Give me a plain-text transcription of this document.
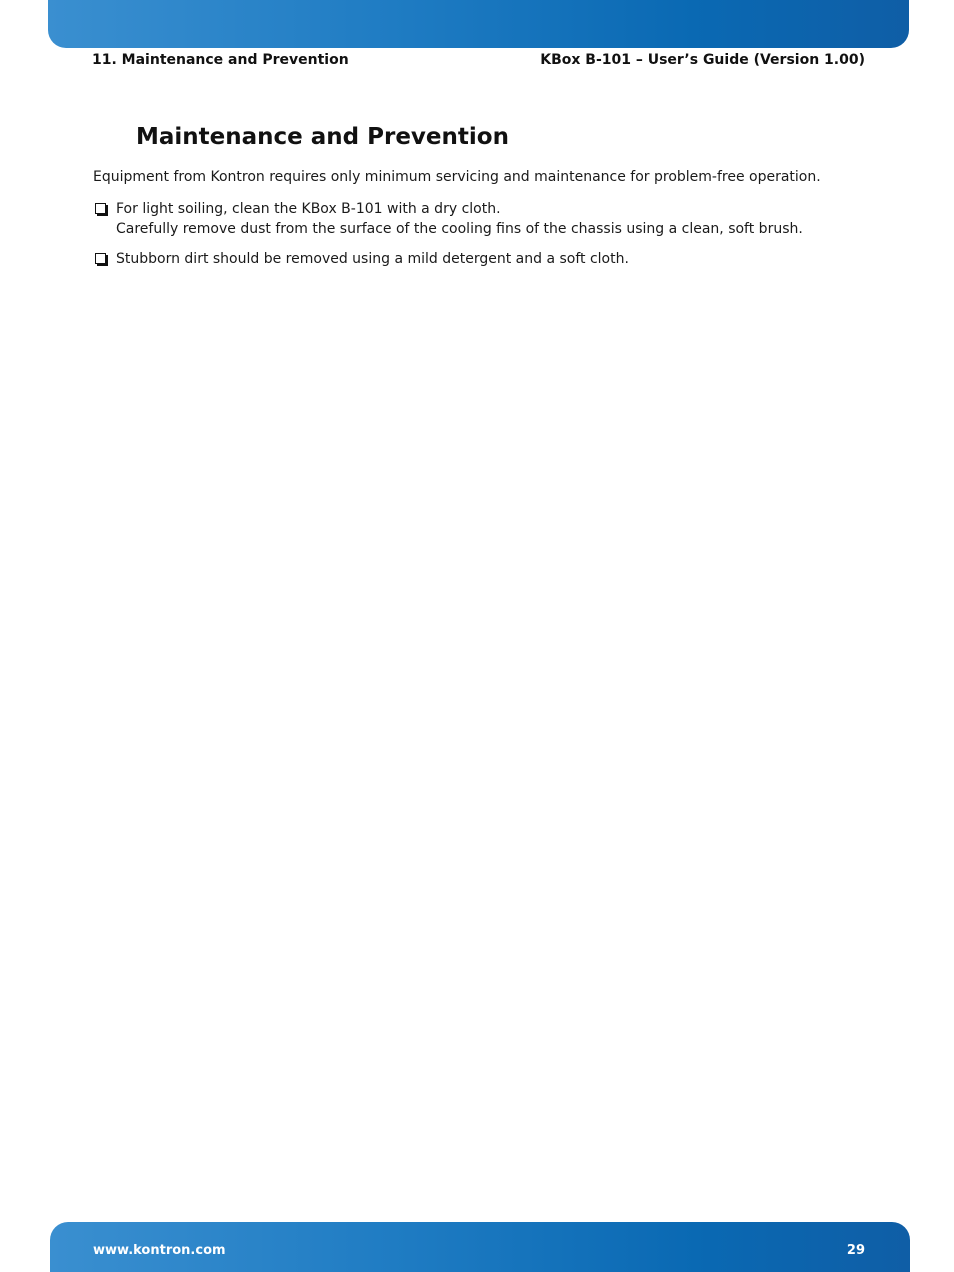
11. Maintenance and Prevention	KBox B-101 – User’s Guide (Version 1.00)
Maintenance and Prevention

Equipment from Kontron requires only minimum servicing and maintenance for problem-free operation.

For light soiling, clean the KBox B-101 with a dry cloth.
Carefully remove dust from the surface of the cooling fins of the chassis using a clean, soft brush.
Stubborn dirt should be removed using a mild detergent and a soft cloth.
www.kontron.com	29
